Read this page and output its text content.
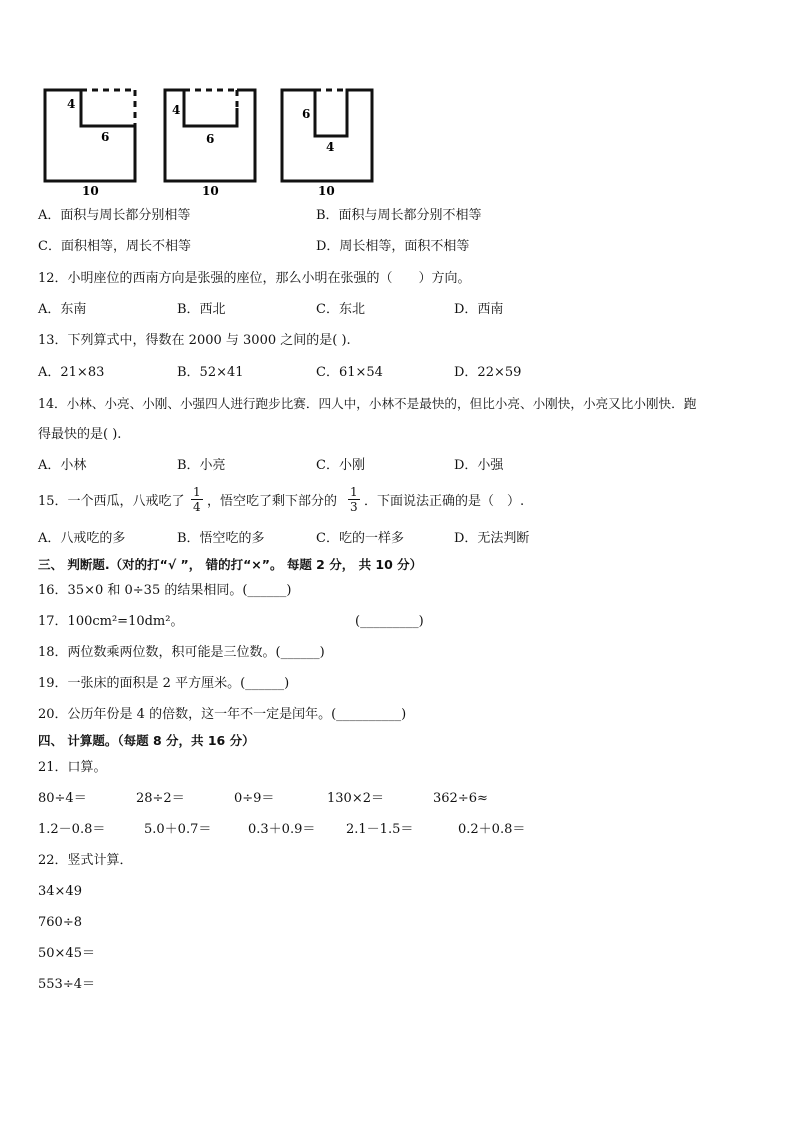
4
6
10
4
6
10
6
4
10
A．面积与周长都分别相等	B．面积与周长都分别不相等
C．面积相等，周长不相等	D．周长相等，面积不相等
12．小明座位的西南方向是张强的座位，那么小明在张强的（　　）方向。
A．东南	B．西北	C．东北	D．西南
13．下列算式中，得数在 2000 与 3000 之间的是( ).
A．21×83	B．52×41	C．61×54	D．22×59
14．小林、小亮、小刚、小强四人进行跑步比赛．四人中，小林不是最快的，但比小亮、小刚快，小亮又比小刚快．跑
得最快的是( ).
A．小林	B．小亮	C．小刚	D．小强
15．一个西瓜，八戒吃了 $\frac{1}{4}$ ，悟空吃了剩下部分的 $\frac{1}{3}$ ．下面说法正确的是（　）.
A．八戒吃的多	B．悟空吃的多	C．吃的一样多	D．无法判断
三、 判断题.（对的打“√ ”， 错的打“×”。 每题 2 分， 共 10 分）
16．35×0 和 0÷35 的结果相同。(______)
17．100cm²=10dm²。	(_________)
18．两位数乘两位数，积可能是三位数。(______)
19．一张床的面积是 2 平方厘米。(______)
20．公历年份是 4 的倍数，这一年不一定是闰年。(__________)
四、 计算题。（每题 8 分，共 16 分）
21．口算。
80÷4＝	28÷2＝	0÷9＝	130×2＝	362÷6≈
1.2－0.8＝	5.0＋0.7＝	0.3＋0.9＝ 2.1－1.5＝	0.2＋0.8＝
22．竖式计算．
34×49
760÷8
50×45＝
553÷4＝
